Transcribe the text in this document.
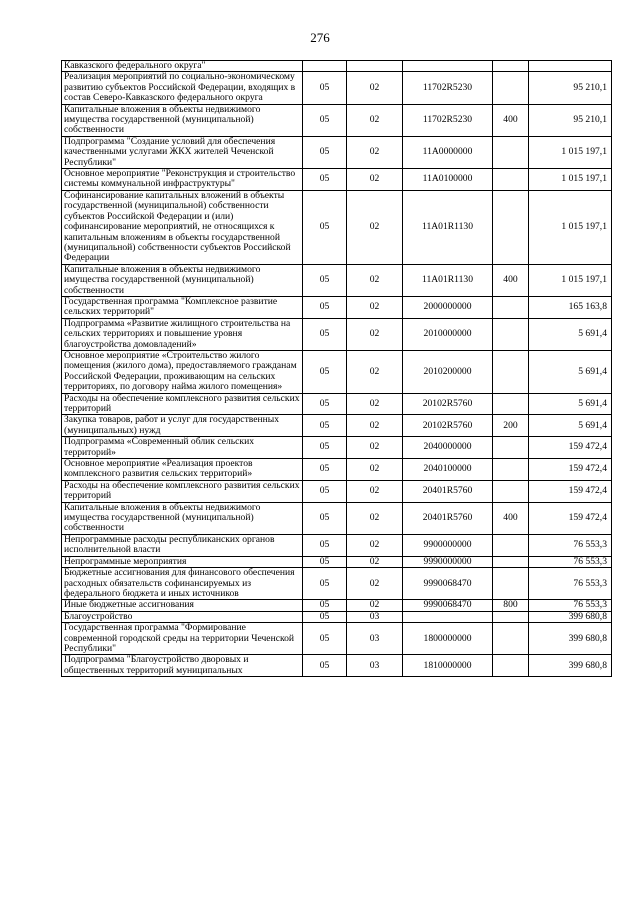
276
Кавказского федерального округа"					
Реализация мероприятий по социально-экономическому развитию субъектов Российской Федерации, входящих в состав Северо-Кавказского федерального округа	05	02	11702R5230		95 210,1
Капитальные вложения в объекты недвижимого имущества государственной (муниципальной) собственности	05	02	11702R5230	400	95 210,1
Подпрограмма "Создание условий для обеспечения качественными услугами ЖКХ жителей Чеченской Республики"	05	02	11А0000000		1 015 197,1
Основное мероприятие "Реконструкция и строительство системы коммунальной инфраструктуры"	05	02	11А0100000		1 015 197,1
Софинансирование капитальных вложений в объекты государственной (муниципальной) собственности субъектов Российской Федерации и (или) софинансирование мероприятий, не относящихся к капитальным вложениям в объекты государственной (муниципальной) собственности субъектов Российской Федерации	05	02	11А01R1130		1 015 197,1
Капитальные вложения в объекты недвижимого имущества государственной (муниципальной) собственности	05	02	11А01R1130	400	1 015 197,1
Государственная программа "Комплексное развитие сельских территорий"	05	02	2000000000		165 163,8
Подпрограмма «Развитие жилищного строительства на сельских территориях и повышение уровня благоустройства домовладений»	05	02	2010000000		5 691,4
Основное мероприятие «Строительство жилого помещения (жилого дома), предоставляемого гражданам Российской Федерации, проживающим на сельских территориях, по договору найма жилого помещения»	05	02	2010200000		5 691,4
Расходы на обеспечение комплексного развития сельских территорий	05	02	20102R5760		5 691,4
Закупка товаров, работ и услуг для государственных (муниципальных) нужд	05	02	20102R5760	200	5 691,4
Подпрограмма «Современный облик сельских территорий»	05	02	2040000000		159 472,4
Основное мероприятие «Реализация проектов комплексного развития сельских территорий»	05	02	2040100000		159 472,4
Расходы на обеспечение комплексного развития сельских территорий	05	02	20401R5760		159 472,4
Капитальные вложения в объекты недвижимого имущества государственной (муниципальной) собственности	05	02	20401R5760	400	159 472,4
Непрограммные расходы республиканских органов исполнительной власти	05	02	9900000000		76 553,3
Непрограммные мероприятия	05	02	9990000000		76 553,3
Бюджетные ассигнования для финансового обеспечения расходных обязательств софинансируемых из федерального бюджета и иных источников	05	02	9990068470		76 553,3
Иные бюджетные ассигнования	05	02	9990068470	800	76 553,3
Благоустройство	05	03			399 680,8
Государственная программа "Формирование современной городской среды на территории Чеченской Республики"	05	03	1800000000		399 680,8
Подпрограмма "Благоустройство дворовых и общественных территорий муниципальных	05	03	1810000000		399 680,8
